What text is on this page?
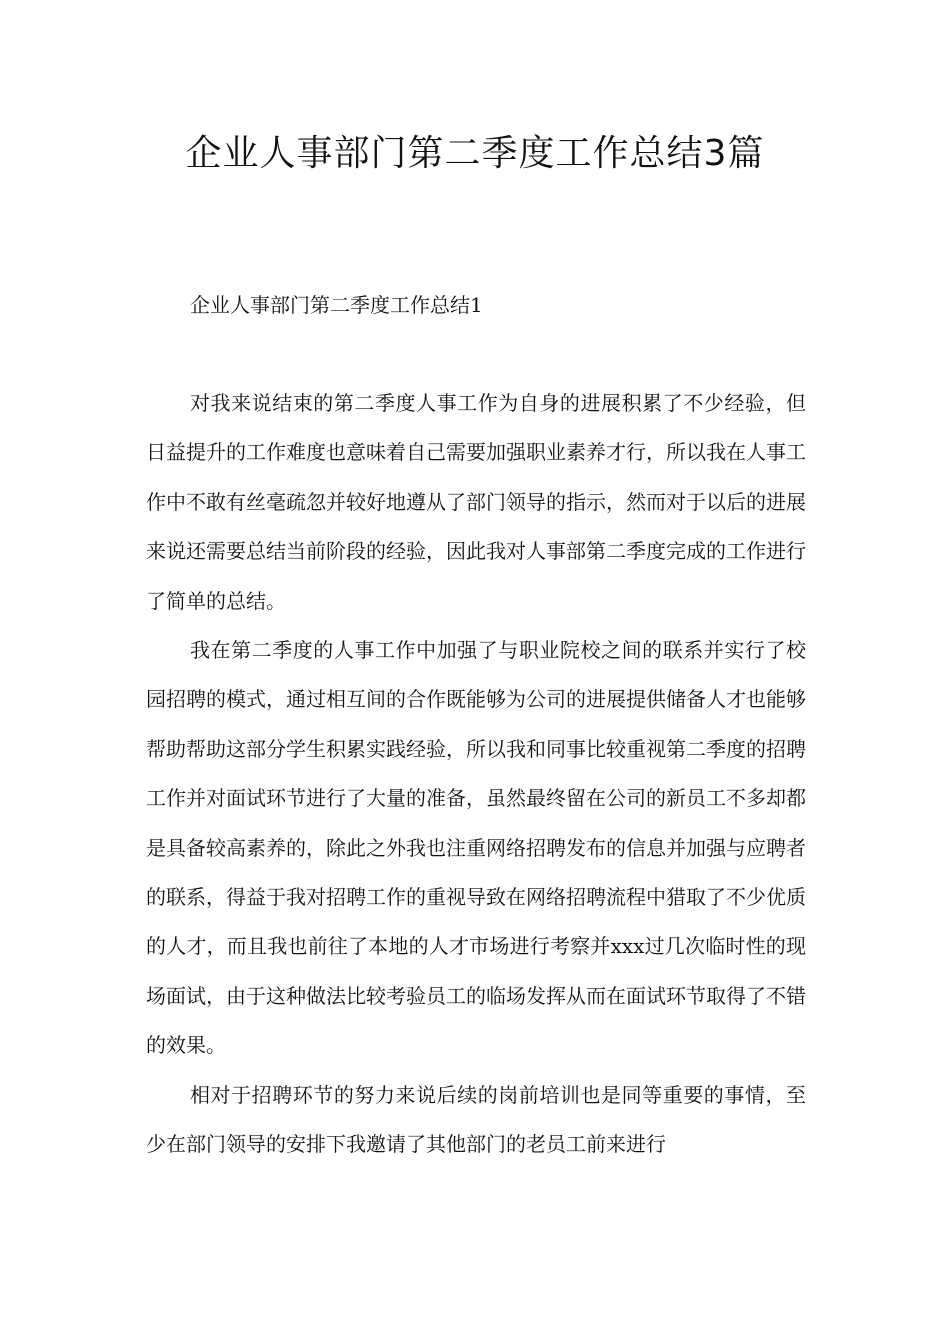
企业人事部门第二季度工作总结3篇
企业人事部门第二季度工作总结1

对我来说结束的第二季度人事工作为自身的进展积累了不少经验，但日益提升的工作难度也意味着自己需要加强职业素养才行，所以我在人事工作中不敢有丝毫疏忽并较好地遵从了部门领导的指示，然而对于以后的进展来说还需要总结当前阶段的经验，因此我对人事部第二季度完成的工作进行了简单的总结。

我在第二季度的人事工作中加强了与职业院校之间的联系并实行了校园招聘的模式，通过相互间的合作既能够为公司的进展提供储备人才也能够帮助帮助这部分学生积累实践经验，所以我和同事比较重视第二季度的招聘工作并对面试环节进行了大量的准备，虽然最终留在公司的新员工不多却都是具备较高素养的，除此之外我也注重网络招聘发布的信息并加强与应聘者的联系，得益于我对招聘工作的重视导致在网络招聘流程中猎取了不少优质的人才，而且我也前往了本地的人才市场进行考察并xxx过几次临时性的现场面试，由于这种做法比较考验员工的临场发挥从而在面试环节取得了不错的效果。

相对于招聘环节的努力来说后续的岗前培训也是同等重要的事情，至少在部门领导的安排下我邀请了其他部门的老员工前来进行
